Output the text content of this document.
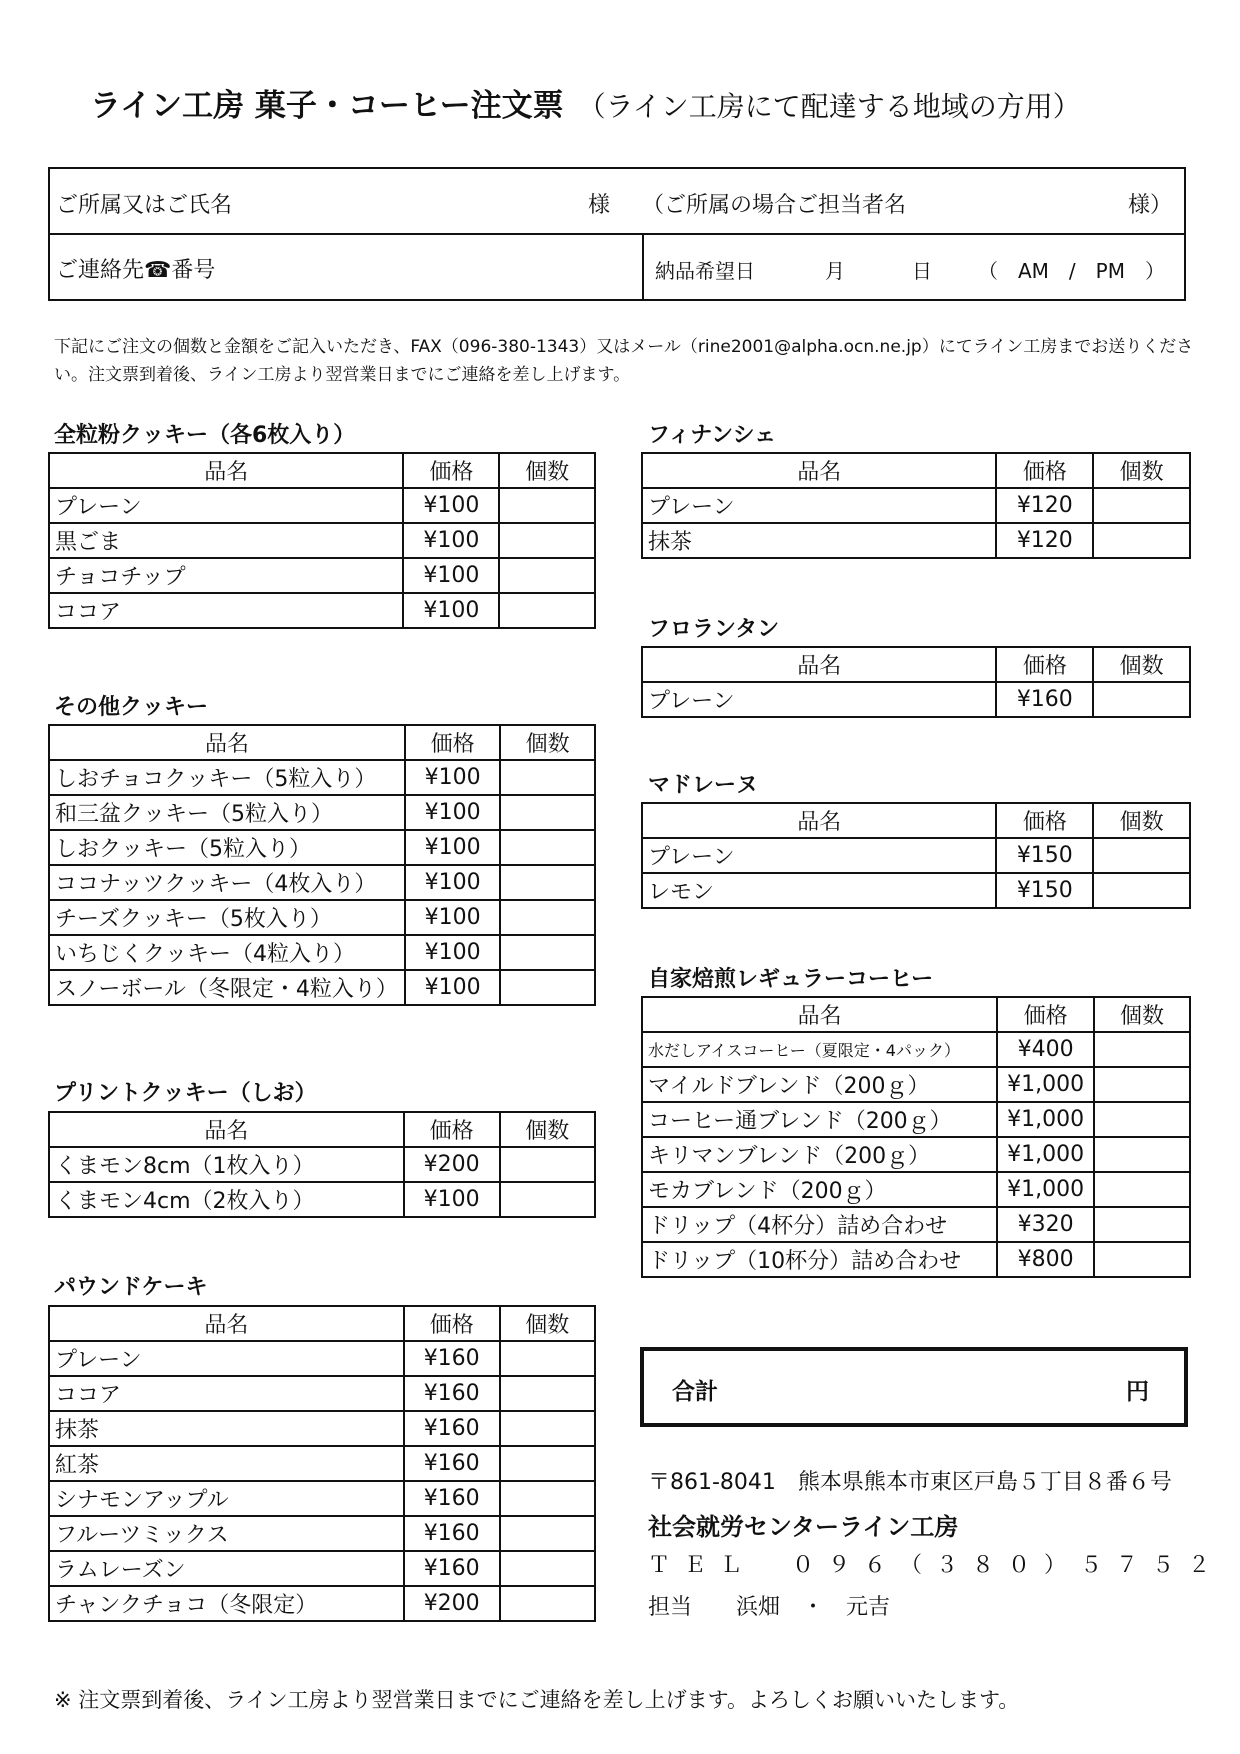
ライン工房 菓子・コーヒー注文票 （ライン工房にて配達する地域の方用）
ご所属又はご氏名	様 （ご所属の場合ご担当者名	様）
ご連絡先☎番号	納品希望日	月	日 （　AM　/　PM　）
下記にご注文の個数と金額をご記入いただき、FAX（096-380-1343）又はメール（rine2001@alpha.ocn.ne.jp）にてライン工房までお送りください。注文票到着後、ライン工房より翌営業日までにご連絡を差し上げます。
全粒粉クッキー（各6枚入り）
その他クッキー
プリントクッキー（しお）
パウンドケーキ
フィナンシェ
フロランタン
マドレーヌ
自家焙煎レギュラーコーヒー
品名	価格	個数
プレーン	¥100	
黒ごま	¥100	
チョコチップ	¥100	
ココア	¥100	
品名	価格	個数
しおチョコクッキー（5粒入り）	¥100	
和三盆クッキー（5粒入り）	¥100	
しおクッキー（5粒入り）	¥100	
ココナッツクッキー（4枚入り）	¥100	
チーズクッキー（5枚入り）	¥100	
いちじくクッキー（4粒入り）	¥100	
スノーボール（冬限定・4粒入り）	¥100	
品名	価格	個数
くまモン8cm（1枚入り）	¥200	
くまモン4cm（2枚入り）	¥100	
品名	価格	個数
プレーン	¥160	
ココア	¥160	
抹茶	¥160	
紅茶	¥160	
シナモンアップル	¥160	
フルーツミックス	¥160	
ラムレーズン	¥160	
チャンクチョコ（冬限定）	¥200	
品名	価格	個数
プレーン	¥120	
抹茶	¥120	
品名	価格	個数
プレーン	¥160	
品名	価格	個数
プレーン	¥150	
レモン	¥150	
品名	価格	個数
水だしアイスコーヒー（夏限定・4パック）	¥400	
マイルドブレンド（200ｇ）	¥1,000	
コーヒー通ブレンド（200ｇ）	¥1,000	
キリマンブレンド（200ｇ）	¥1,000	
モカブレンド（200ｇ）	¥1,000	
ドリップ（4杯分）詰め合わせ	¥320	
ドリップ（10杯分）詰め合わせ	¥800	
合計	円
〒861-8041　熊本県熊本市東区戸島５丁目８番６号
社会就労センターライン工房
ＴＥＬ　０９６（３８０）５７５２
担当　　浜畑　・　元吉
※ 注文票到着後、ライン工房より翌営業日までにご連絡を差し上げます。よろしくお願いいたします。
